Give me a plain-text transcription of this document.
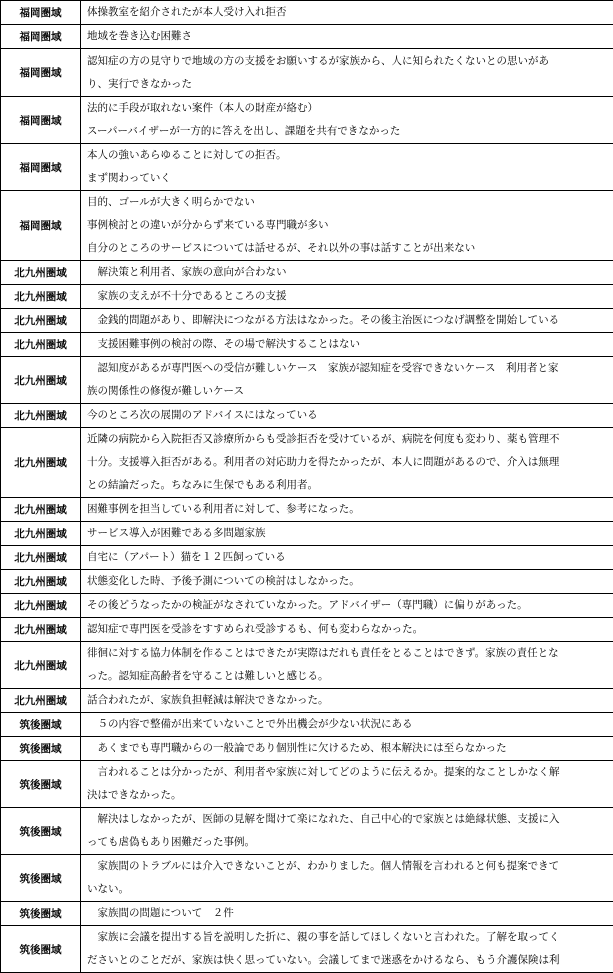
福岡圏域	体操教室を紹介されたが本人受け入れ拒否

福岡圏域	地域を巻き込む困難さ

福岡圏域	認知症の方の見守りで地域の方の支援をお願いするが家族から、人に知られたくないとの思いがあ
り、実行できなかった

福岡圏域	法的に手段が取れない案件（本人の財産が絡む）
スーパーバイザーが一方的に答えを出し、課題を共有できなかった

福岡圏域	本人の強いあらゆることに対しての拒否。
まず関わっていく

福岡圏域	目的、ゴールが大きく明らかでない
事例検討との違いが分からず来ている専門職が多い
自分のところのサービスについては話せるが、それ以外の事は話すことが出来ない

北九州圏域	　解決策と利用者、家族の意向が合わない

北九州圏域	　家族の支えが不十分であるところの支援

北九州圏域	　金銭的問題があり、即解決につながる方法はなかった。その後主治医につなげ調整を開始している

北九州圏域	　支援困難事例の検討の際、その場で解決することはない

北九州圏域	　認知度があるが専門医への受信が難しいケース　家族が認知症を受容できないケース　利用者と家
族の関係性の修復が難しいケース

北九州圏域	今のところ次の展開のアドバイスにはなっている

北九州圏域	近隣の病院から入院拒否又診療所からも受診拒否を受けているが、病院を何度も変わり、薬も管理不
十分。支援導入拒否がある。利用者の対応助力を得たかったが、本人に問題があるので、介入は無理
との結論だった。ちなみに生保でもある利用者。

北九州圏域	困難事例を担当している利用者に対して、参考になった。

北九州圏域	サービス導入が困難である多問題家族

北九州圏域	自宅に（アパート）猫を１２匹飼っている

北九州圏域	状態変化した時、予後予測についての検討はしなかった。

北九州圏域	その後どうなったかの検証がなされていなかった。アドバイザー（専門職）に偏りがあった。

北九州圏域	認知症で専門医を受診をすすめられ受診するも、何も変わらなかった。

北九州圏域	徘徊に対する協力体制を作ることはできたが実際はだれも責任をとることはできず。家族の責任とな
った。認知症高齢者を守ることは難しいと感じる。

北九州圏域	話合われたが、家族負担軽減は解決できなかった。

筑後圏域	　５の内容で整備が出来ていないことで外出機会が少ない状況にある

筑後圏域	　あくまでも専門職からの一般論であり個別性に欠けるため、根本解決には至らなかった

筑後圏域	　言われることは分かったが、利用者や家族に対してどのように伝えるか。提案的なことしかなく解
決はできなかった。

筑後圏域	　解決はしなかったが、医師の見解を聞けて楽になれた、自己中心的で家族とは絶縁状態、支援に入
っても虐偽もあり困難だった事例。

筑後圏域	　家族間のトラブルには介入できないことが、わかりました。個人情報を言われると何も提案できて
いない。

筑後圏域	　家族間の問題について　２件

筑後圏域	　家族に会議を提出する旨を説明した折に、親の事を話してほしくないと言われた。了解を取ってく
ださいとのことだが、家族は快く思っていない。会議してまで迷惑をかけるなら、もう介護保険は利
